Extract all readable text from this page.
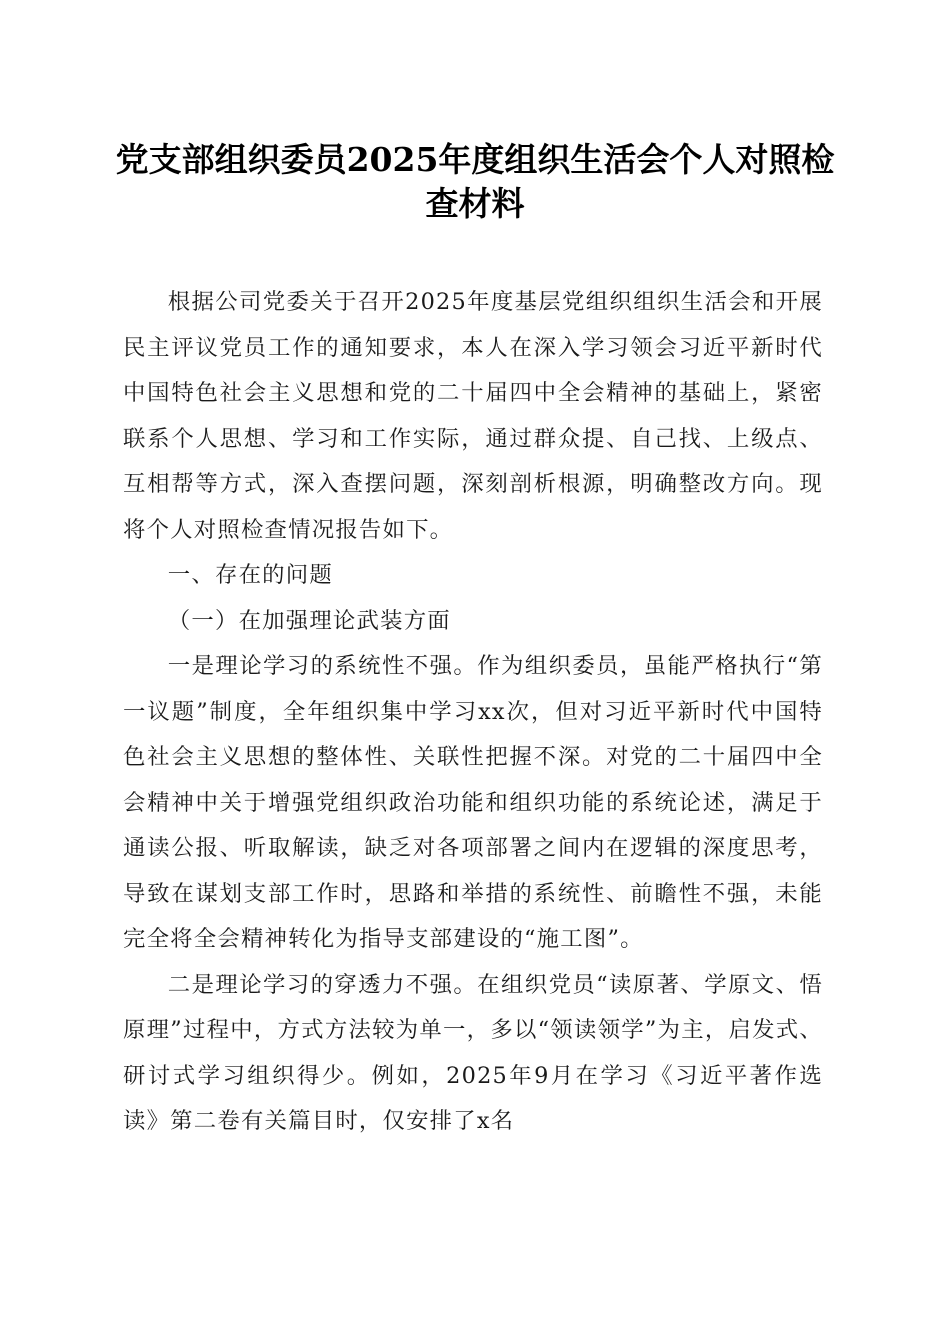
党支部组织委员2025年度组织生活会个人对照检查材料

根据公司党委关于召开2025年度基层党组织组织生活会和开展民主评议党员工作的通知要求，本人在深入学习领会习近平新时代中国特色社会主义思想和党的二十届四中全会精神的基础上，紧密联系个人思想、学习和工作实际，通过群众提、自己找、上级点、互相帮等方式，深入查摆问题，深刻剖析根源，明确整改方向。现将个人对照检查情况报告如下。

一、存在的问题

（一）在加强理论武装方面

一是理论学习的系统性不强。作为组织委员，虽能严格执行“第一议题”制度，全年组织集中学习xx次，但对习近平新时代中国特色社会主义思想的整体性、关联性把握不深。对党的二十届四中全会精神中关于增强党组织政治功能和组织功能的系统论述，满足于通读公报、听取解读，缺乏对各项部署之间内在逻辑的深度思考，导致在谋划支部工作时，思路和举措的系统性、前瞻性不强，未能完全将全会精神转化为指导支部建设的“施工图”。

二是理论学习的穿透力不强。在组织党员“读原著、学原文、悟原理”过程中，方式方法较为单一，多以“领读领学”为主，启发式、研讨式学习组织得少。例如，2025年9月在学习《习近平著作选读》第二卷有关篇目时，仅安排了x名
